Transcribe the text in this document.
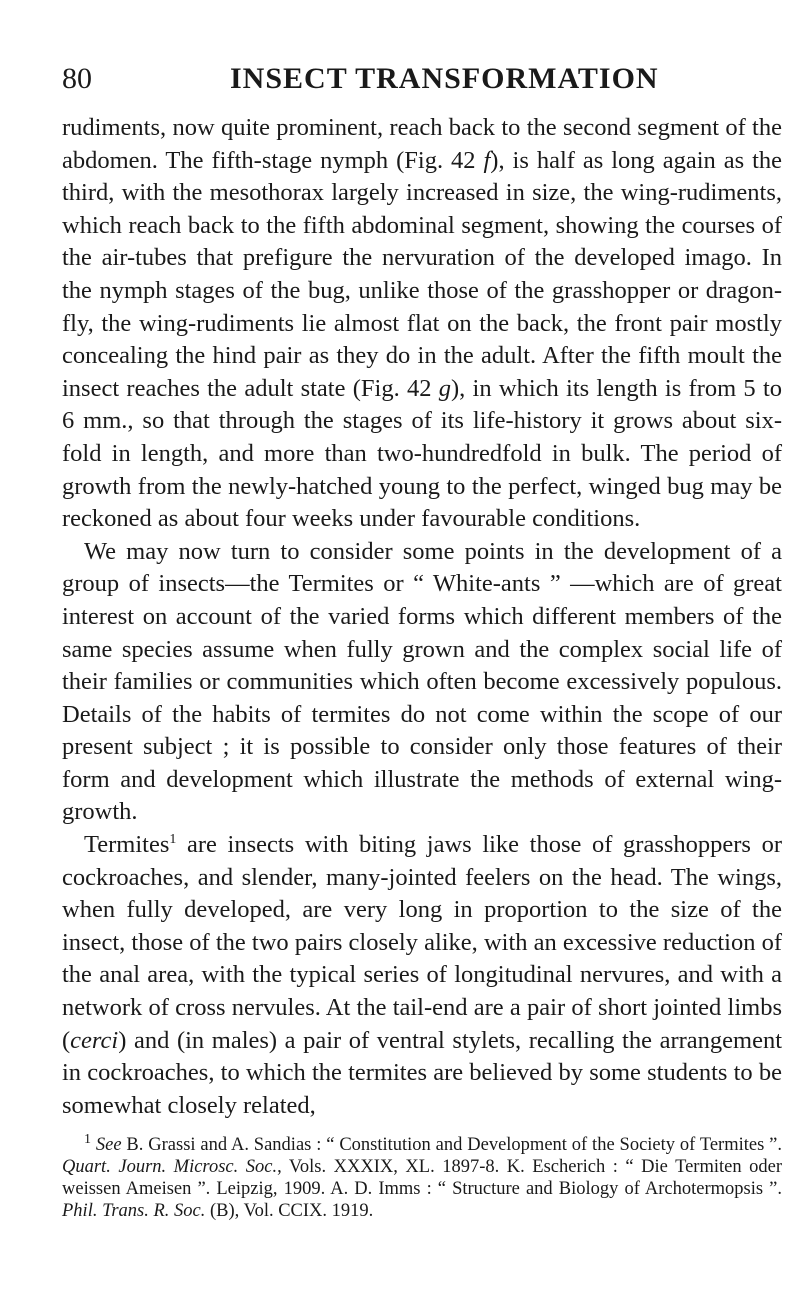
80	INSECT TRANSFORMATION

rudiments, now quite prominent, reach back to the second segment of the abdomen. The fifth-stage nymph (Fig. 42 f), is half as long again as the third, with the mesothorax largely increased in size, the wing-rudiments, which reach back to the fifth abdominal segment, showing the courses of the air-tubes that prefigure the nervuration of the developed imago. In the nymph stages of the bug, unlike those of the grasshopper or dragon-fly, the wing-rudiments lie almost flat on the back, the front pair mostly concealing the hind pair as they do in the adult. After the fifth moult the insect reaches the adult state (Fig. 42 g), in which its length is from 5 to 6 mm., so that through the stages of its life-history it grows about six-fold in length, and more than two-hundredfold in bulk. The period of growth from the newly-hatched young to the perfect, winged bug may be reckoned as about four weeks under favourable conditions.

We may now turn to consider some points in the development of a group of insects—the Termites or “ White-ants ” —which are of great interest on account of the varied forms which different members of the same species assume when fully grown and the complex social life of their families or communities which often become excessively populous. Details of the habits of termites do not come within the scope of our present subject ; it is possible to consider only those features of their form and development which illustrate the methods of external wing-growth.

Termites$^1$ are insects with biting jaws like those of grasshoppers or cockroaches, and slender, many-jointed feelers on the head. The wings, when fully developed, are very long in proportion to the size of the insect, those of the two pairs closely alike, with an excessive reduction of the anal area, with the typical series of longitudinal nervures, and with a network of cross nervules. At the tail-end are a pair of short jointed limbs (cerci) and (in males) a pair of ventral stylets, recalling the arrangement in cockroaches, to which the termites are believed by some students to be somewhat closely related,

$^1$ See B. Grassi and A. Sandias : “ Constitution and Development of the Society of Termites ”. Quart. Journ. Microsc. Soc., Vols. XXXIX, XL. 1897-8. K. Escherich : “ Die Termiten oder weissen Ameisen ”. Leipzig, 1909. A. D. Imms : “ Structure and Biology of Archotermopsis ”. Phil. Trans. R. Soc. (B), Vol. CCIX. 1919.
